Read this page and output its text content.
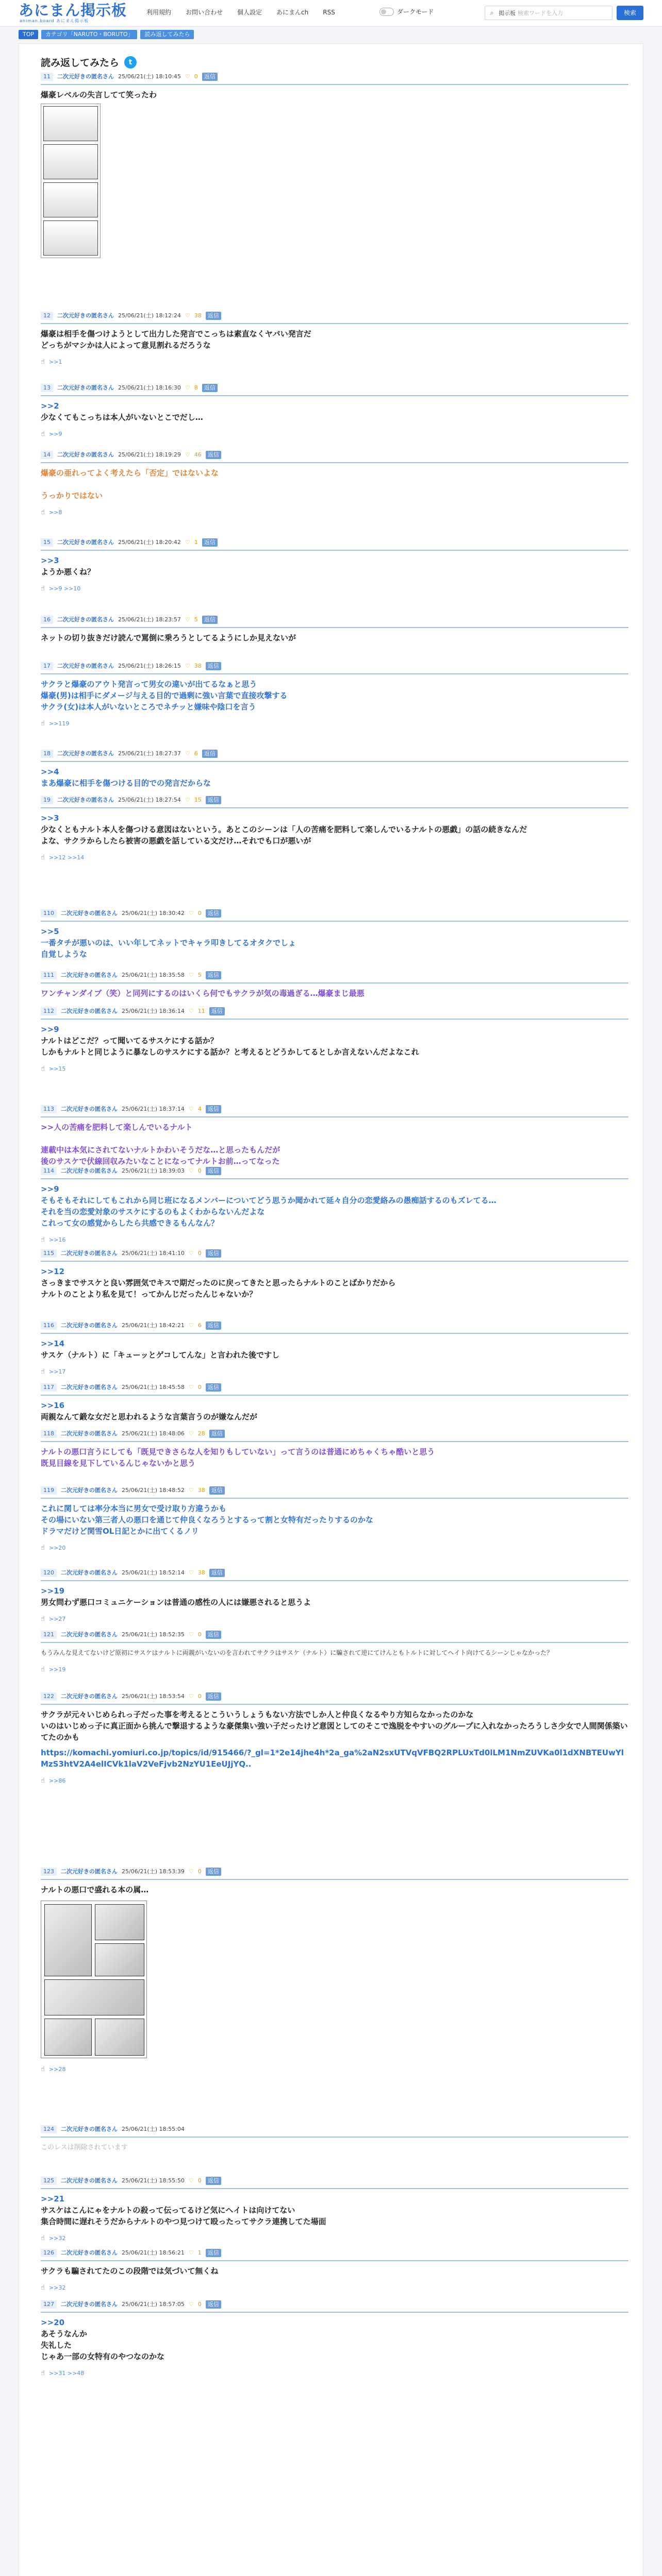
あにまん掲示板
animan.board あにまん掲示板
利用規約	お問い合わせ	個人設定	あにまんch	RSS	ダークモード	⌕ 掲示板 検索ワードを入力	検索
TOP	カテゴリ「NARUTO・BORUTO」	読み返してみたら
読み返してみたら	t
11	二次元好きの匿名さん 25/06/21(土) 18:10:45 ♡ 0	返信
爆豪レベルの失言してて笑ったわ
12	二次元好きの匿名さん 25/06/21(土) 18:12:24 ♡ 38	返信
爆豪は相手を傷つけようとして出力した発言でこっちは素直なくヤバい発言だ
どっちがマシかは人によって意見割れるだろうな
☝ >>1
13	二次元好きの匿名さん 25/06/21(土) 18:16:30 ♡ 8	返信
>>2
少なくてもこっちは本人がいないとこでだし…
☝ >>9
14	二次元好きの匿名さん 25/06/21(土) 18:19:29 ♡ 46	返信
爆豪の亜れってよく考えたら「否定」ではないよな
うっかりではない
☝ >>8
15	二次元好きの匿名さん 25/06/21(土) 18:20:42 ♡ 1	返信
>>3
ようか悪くね？
☝ >>9 >>10
16	二次元好きの匿名さん 25/06/21(土) 18:23:57 ♡ 5	返信
ネットの切り抜きだけ読んで罵倒に乗ろうとしてるようにしか見えないが
17	二次元好きの匿名さん 25/06/21(土) 18:26:15 ♡ 38	返信
サクラと爆豪のアウト発言って男女の違いが出てるなぁと思う
爆豪(男)は相手にダメージ与える目的で過剰に強い言葉で直接攻撃する
サクラ(女)は本人がいないところでネチッと嫌味や陰口を言う
☝ >>119
18	二次元好きの匿名さん 25/06/21(土) 18:27:37 ♡ 6	返信
>>4
まあ爆豪に相手を傷つける目的での発言だからな
19	二次元好きの匿名さん 25/06/21(土) 18:27:54 ♡ 15	返信
>>3
少なくともナルト本人を傷つける意図はないという。あとこのシーンは「人の苦痛を肥料して楽しんでいるナルトの悪戯」の話の続きなんだ
よな、サクラからしたら被害の悪戯を話している文だけ…それでも口が悪いが
☝ >>12 >>14
110	二次元好きの匿名さん 25/06/21(土) 18:30:42 ♡ 0	返信
>>5
一番タチが悪いのは、いい年してネットでキャラ叩きしてるオタクでしょ
自覚しような
111	二次元好きの匿名さん 25/06/21(土) 18:35:58 ♡ 5	返信
ワンチャンダイブ（笑）と同列にするのはいくら何でもサクラが気の毒過ぎる…爆豪まじ最悪
112	二次元好きの匿名さん 25/06/21(土) 18:36:14 ♡ 11	返信
>>9
ナルトはどこだ？って聞いてるサスケにする話か？
しかもナルトと同じように暴なしのサスケにする話か？と考えるとどうかしてるとしか言えないんだよなこれ
☝ >>15
113	二次元好きの匿名さん 25/06/21(土) 18:37:14 ♡ 4	返信
>>人の苦痛を肥料して楽しんでいるナルト
連載中は本気にされてないナルトかわいそうだな…と思ったもんだが
後のサスケで伏線回収みたいなことになってナルトお前…ってなった
114	二次元好きの匿名さん 25/06/21(土) 18:39:03 ♡ 0	返信
>>9
そもそもそれにしてもこれから同じ班になるメンバーについてどう思うか聞かれて延々自分の恋愛絡みの愚痴話するのもズレてる…
それを当の恋愛対象のサスケにするのもよくわからないんだよな
これって女の感覚からしたら共感できるもんなん？
☝ >>16
115	二次元好きの匿名さん 25/06/21(土) 18:41:10 ♡ 0	返信
>>12
さっきまでサスケと良い雰囲気でキスで期だったのに戻ってきたと思ったらナルトのことばかりだから
ナルトのことより私を見て！ってかんじだったんじゃないか？
116	二次元好きの匿名さん 25/06/21(土) 18:42:21 ♡ 6	返信
>>14
サスケ（ナルト）に「キューッとゲコしてんな」と言われた後ですし
☝ >>17
117	二次元好きの匿名さん 25/06/21(土) 18:45:58 ♡ 0	返信
>>16
両親なんて鍛な女だと思われるような言葉言うのが嫌なんだが
118	二次元好きの匿名さん 25/06/21(土) 18:48:06 ♡ 28	返信
ナルトの悪口言うにしても「既見できさらな人を知りもしていない」って言うのは普通にめちゃくちゃ酷いと思う
既見目線を見下しているんじゃないかと思う
119	二次元好きの匿名さん 25/06/21(土) 18:48:52 ♡ 38	返信
これに関しては率分本当に男女で受け取り方違うかも
その場にいない第三者人の悪口を通じて仲良くなろうとするって割と女特有だったりするのかな
ドラマだけど関雪OL日記とかに出てくるノリ
☝ >>20
120	二次元好きの匿名さん 25/06/21(土) 18:52:14 ♡ 38	返信
>>19
男女問わず悪口コミュニケーションは普通の感性の人には嫌悪されると思うよ
☝ >>27
121	二次元好きの匿名さん 25/06/21(土) 18:52:35 ♡ 0	返信
もうみんな見えてないけど原初にサスケはナルトに両親がいないのを言われてサクラはサスケ（ナルト）に騙されて逆にてけんともトルトに対してヘイト向けてるシーンじゃなかった？
☝ >>19
122	二次元好きの匿名さん 25/06/21(土) 18:53:54 ♡ 0	返信
サクラが元々いじめられっ子だった事を考えるとこういうしょうもない方法でしか人と仲良くなるやり方知らなかったのかな
いのはいじめっ子に真正面から挑んで撃退するような豪傑集い強い子だったけど意図としてのそこで逸脱をやすいのグループに入れなかったろうしさ少女で人間関係築いてたのかも
https://komachi.yomiuri.co.jp/topics/id/915466/?_gl=1*2e14jhe4h*2a_ga%2aN2sxUTVqVFBQ2RPLUxTd0lLM1NmZUVKa0l1dXNBTEUwYlMzS3htV2A4elICVk1laV2VeFjvb2NzYU1EeUJjYQ..
☝ >>86
123	二次元好きの匿名さん 25/06/21(土) 18:53:39 ♡ 0	返信
ナルトの悪口で盛れる本の属…
☝ >>28
124	二次元好きの匿名さん 25/06/21(土) 18:55:04
このレスは削除されています
125	二次元好きの匿名さん 25/06/21(土) 18:55:50 ♡ 0	返信
>>21
サスケはこんにゃをナルトの殺って伝ってるけど気にヘイトは向けてない
集合時間に遅れそうだからナルトのやつ見つけて殴ったってサクラ連携してた場面
☝ >>32
126	二次元好きの匿名さん 25/06/21(土) 18:56:21 ♡ 1	返信
サクラも騙されてたのこの段階では気づいて無くね
☝ >>32
127	二次元好きの匿名さん 25/06/21(土) 18:57:05 ♡ 0	返信
>>20
あそうなんか
失礼した
じゃあ一部の女特有のやつなのかな
☝ >>31 >>48
